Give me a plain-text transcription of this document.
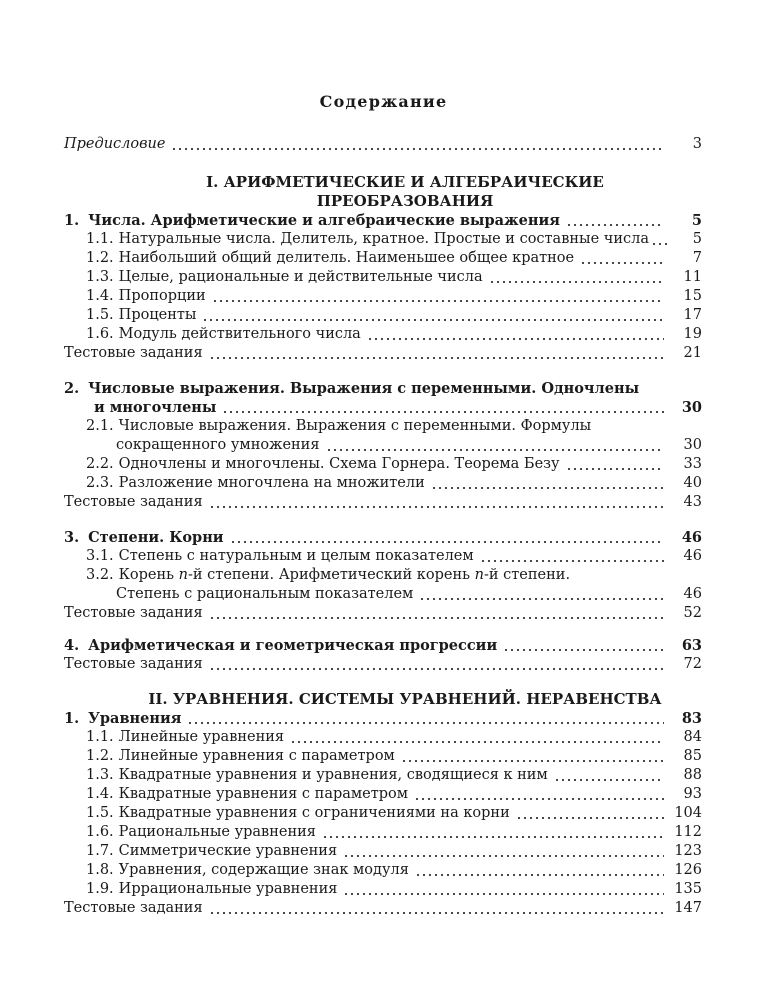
Содержание
Предисловие	3
I. АРИФМЕТИЧЕСКИЕ И АЛГЕБРАИЧЕСКИЕ
ПРЕОБРАЗОВАНИЯ
1. Числа. Арифметические и алгебраические выражения	5
1.1. Натуральные числа. Делитель, кратное. Простые и составные числа	5
1.2. Наибольший общий делитель. Наименьшее общее кратное	7
1.3. Целые, рациональные и действительные числа	11
1.4. Пропорции	15
1.5. Проценты	17
1.6. Модуль действительного числа	19
Тестовые задания	21
2. Числовые выражения. Выражения с переменными. Одночлены
и многочлены	30
2.1. Числовые выражения. Выражения с переменными. Формулы
сокращенного умножения	30
2.2. Одночлены и многочлены. Схема Горнера. Теорема Безу	33
2.3. Разложение многочлена на множители	40
Тестовые задания	43
3. Степени. Корни	46
3.1. Степень с натуральным и целым показателем	46
3.2. Корень n-й степени. Арифметический корень n-й степени.
Степень с рациональным показателем	46
Тестовые задания	52
4. Арифметическая и геометрическая прогрессии	63
Тестовые задания	72
II. УРАВНЕНИЯ. СИСТЕМЫ УРАВНЕНИЙ. НЕРАВЕНСТВА
1. Уравнения	83
1.1. Линейные уравнения	84
1.2. Линейные уравнения с параметром	85
1.3. Квадратные уравнения и уравнения, сводящиеся к ним	88
1.4. Квадратные уравнения с параметром	93
1.5. Квадратные уравнения с ограничениями на корни	104
1.6. Рациональные уравнения	112
1.7. Симметрические уравнения	123
1.8. Уравнения, содержащие знак модуля	126
1.9. Иррациональные уравнения	135
Тестовые задания	147
